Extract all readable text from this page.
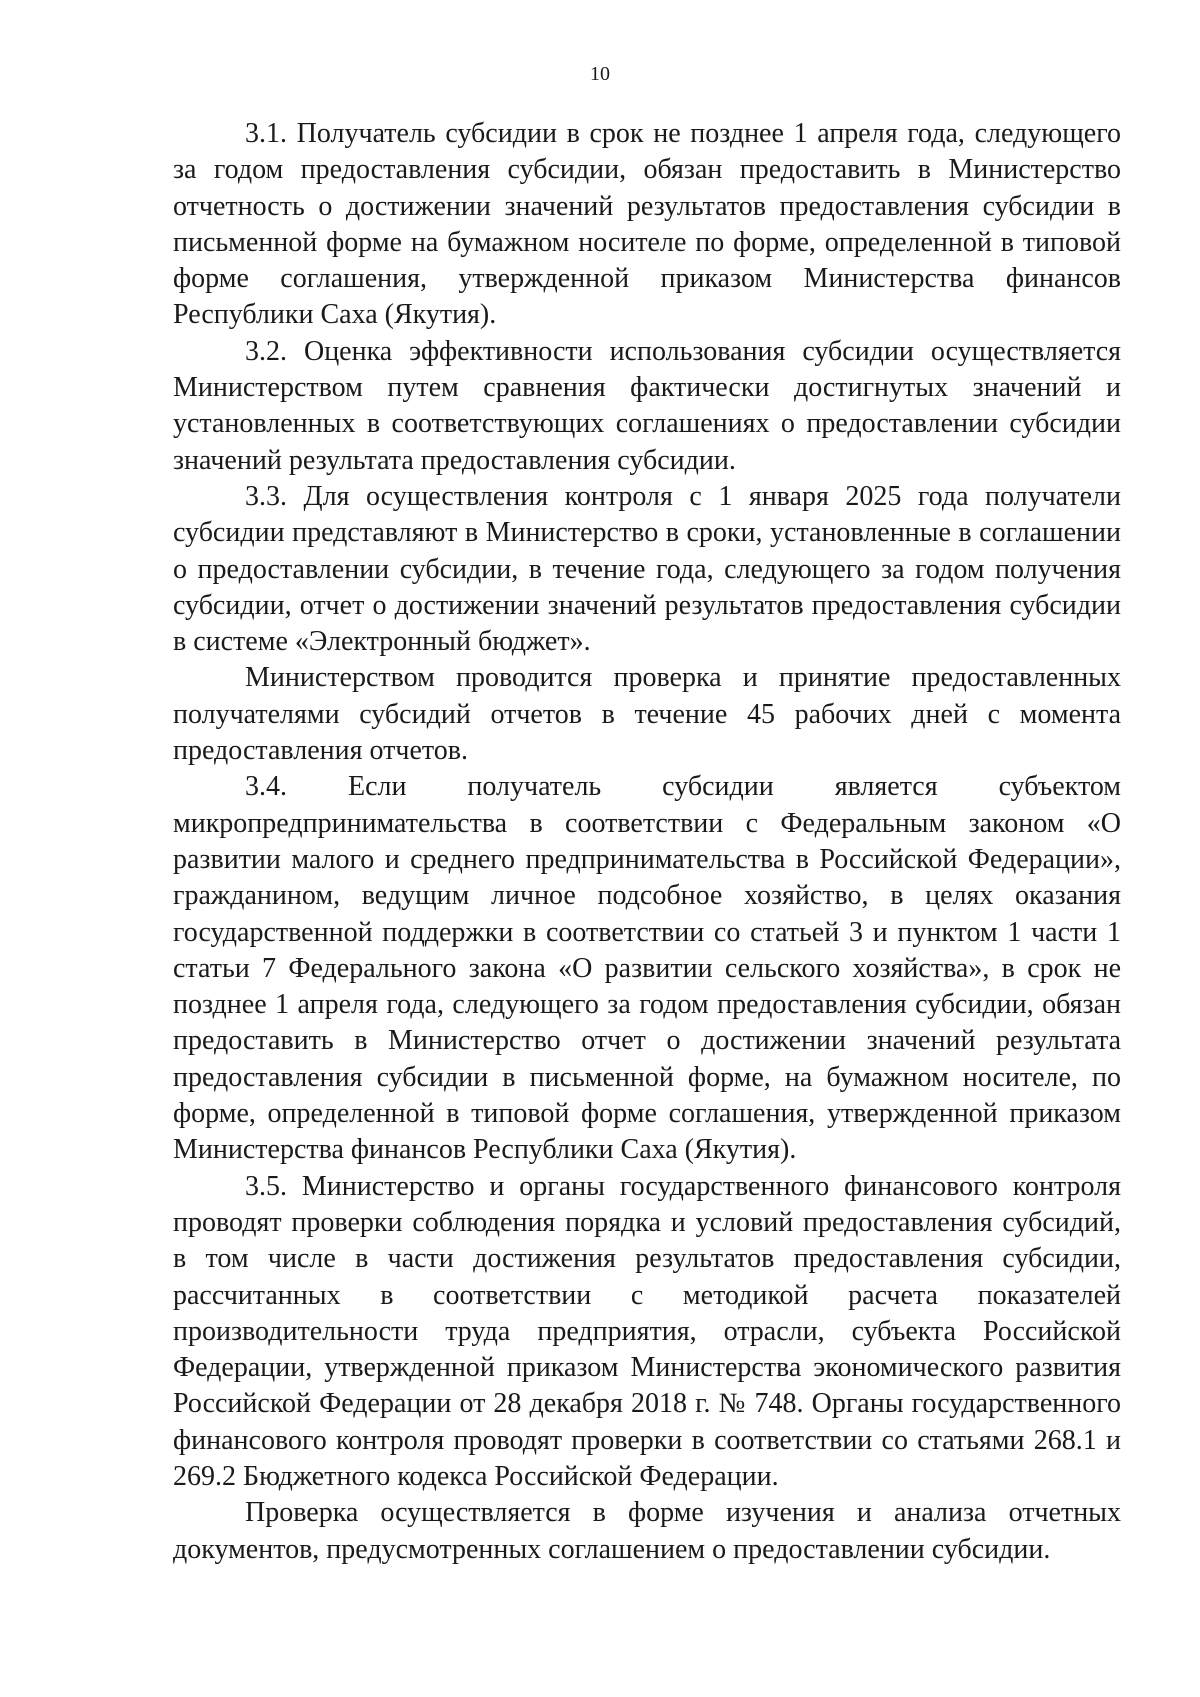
10

3.1. Получатель субсидии в срок не позднее 1 апреля года, следующего за годом предоставления субсидии, обязан предоставить в Министерство отчетность о достижении значений результатов предоставления субсидии в письменной форме на бумажном носителе по форме, определенной в типовой форме соглашения, утвержденной приказом Министерства финансов Республики Саха (Якутия).

3.2. Оценка эффективности использования субсидии осуществляется Министерством путем сравнения фактически достигнутых значений и установленных в соответствующих соглашениях о предоставлении субсидии значений результата предоставления субсидии.

3.3. Для осуществления контроля с 1 января 2025 года получатели субсидии представляют в Министерство в сроки, установленные в соглашении о предоставлении субсидии, в течение года, следующего за годом получения субсидии, отчет о достижении значений результатов предоставления субсидии в системе «Электронный бюджет».

Министерством проводится проверка и принятие предоставленных получателями субсидий отчетов в течение 45 рабочих дней с момента предоставления отчетов.

3.4. Если получатель субсидии является субъектом микропредпринимательства в соответствии с Федеральным законом «О развитии малого и среднего предпринимательства в Российской Федерации», гражданином, ведущим личное подсобное хозяйство, в целях оказания государственной поддержки в соответствии со статьей 3 и пунктом 1 части 1 статьи 7 Федерального закона «О развитии сельского хозяйства», в срок не позднее 1 апреля года, следующего за годом предоставления субсидии, обязан предоставить в Министерство отчет о достижении значений результата предоставления субсидии в письменной форме, на бумажном носителе, по форме, определенной в типовой форме соглашения, утвержденной приказом Министерства финансов Республики Саха (Якутия).

3.5. Министерство и органы государственного финансового контроля проводят проверки соблюдения порядка и условий предоставления субсидий, в том числе в части достижения результатов предоставления субсидии, рассчитанных в соответствии с методикой расчета показателей производительности труда предприятия, отрасли, субъекта Российской Федерации, утвержденной приказом Министерства экономического развития Российской Федерации от 28 декабря 2018 г. № 748. Органы государственного финансового контроля проводят проверки в соответствии со статьями 268.1 и 269.2 Бюджетного кодекса Российской Федерации.

Проверка осуществляется в форме изучения и анализа отчетных документов, предусмотренных соглашением о предоставлении субсидии.
